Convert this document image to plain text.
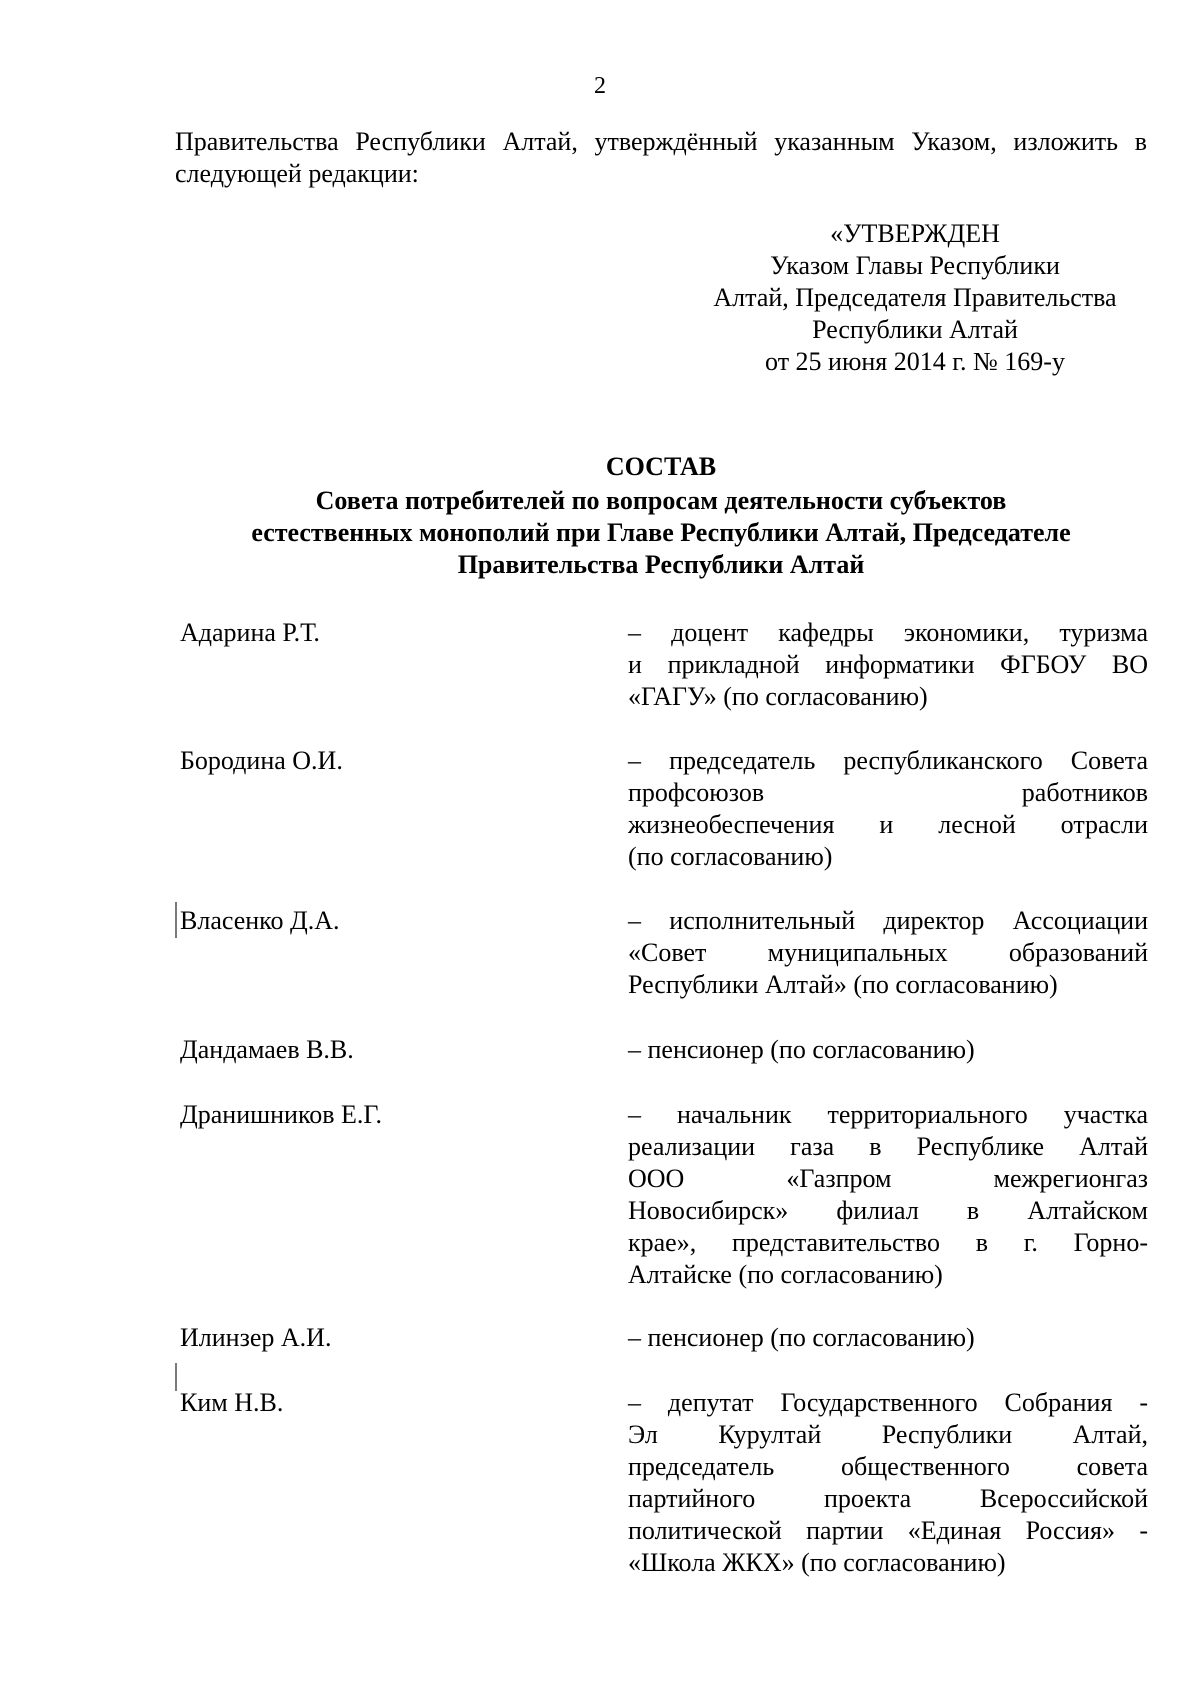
2

Правительства Республики Алтай, утверждённый указанным Указом, изложить в следующей редакции:

«УТВЕРЖДЕН
Указом Главы Республики
Алтай, Председателя Правительства
Республики Алтай
от 25 июня 2014 г. № 169-у
СОСТАВ
Совета потребителей по вопросам деятельности субъектов
естественных монополий при Главе Республики Алтай, Председателе
Правительства Республики Алтай
Адарина Р.Т.	– доцент кафедры экономики, туризма
и прикладной информатики ФГБОУ ВО
«ГАГУ» (по согласованию)
Бородина О.И.	– председатель республиканского Совета
профсоюзов работников
жизнеобеспечения и лесной отрасли
(по согласованию)
Власенко Д.А.	– исполнительный директор Ассоциации
«Совет муниципальных образований
Республики Алтай» (по согласованию)
Дандамаев В.В.	– пенсионер (по согласованию)
Дранишников Е.Г.	– начальник территориального участка
реализации газа в Республике Алтай
ООО «Газпром межрегионгаз
Новосибирск» филиал в Алтайском
крае», представительство в г. Горно-
Алтайске (по согласованию)
Илинзер А.И.	– пенсионер (по согласованию)
Ким Н.В.	– депутат Государственного Собрания -
Эл Курултай Республики Алтай,
председатель общественного совета
партийного проекта Всероссийской
политической партии «Единая Россия» -
«Школа ЖКХ» (по согласованию)
